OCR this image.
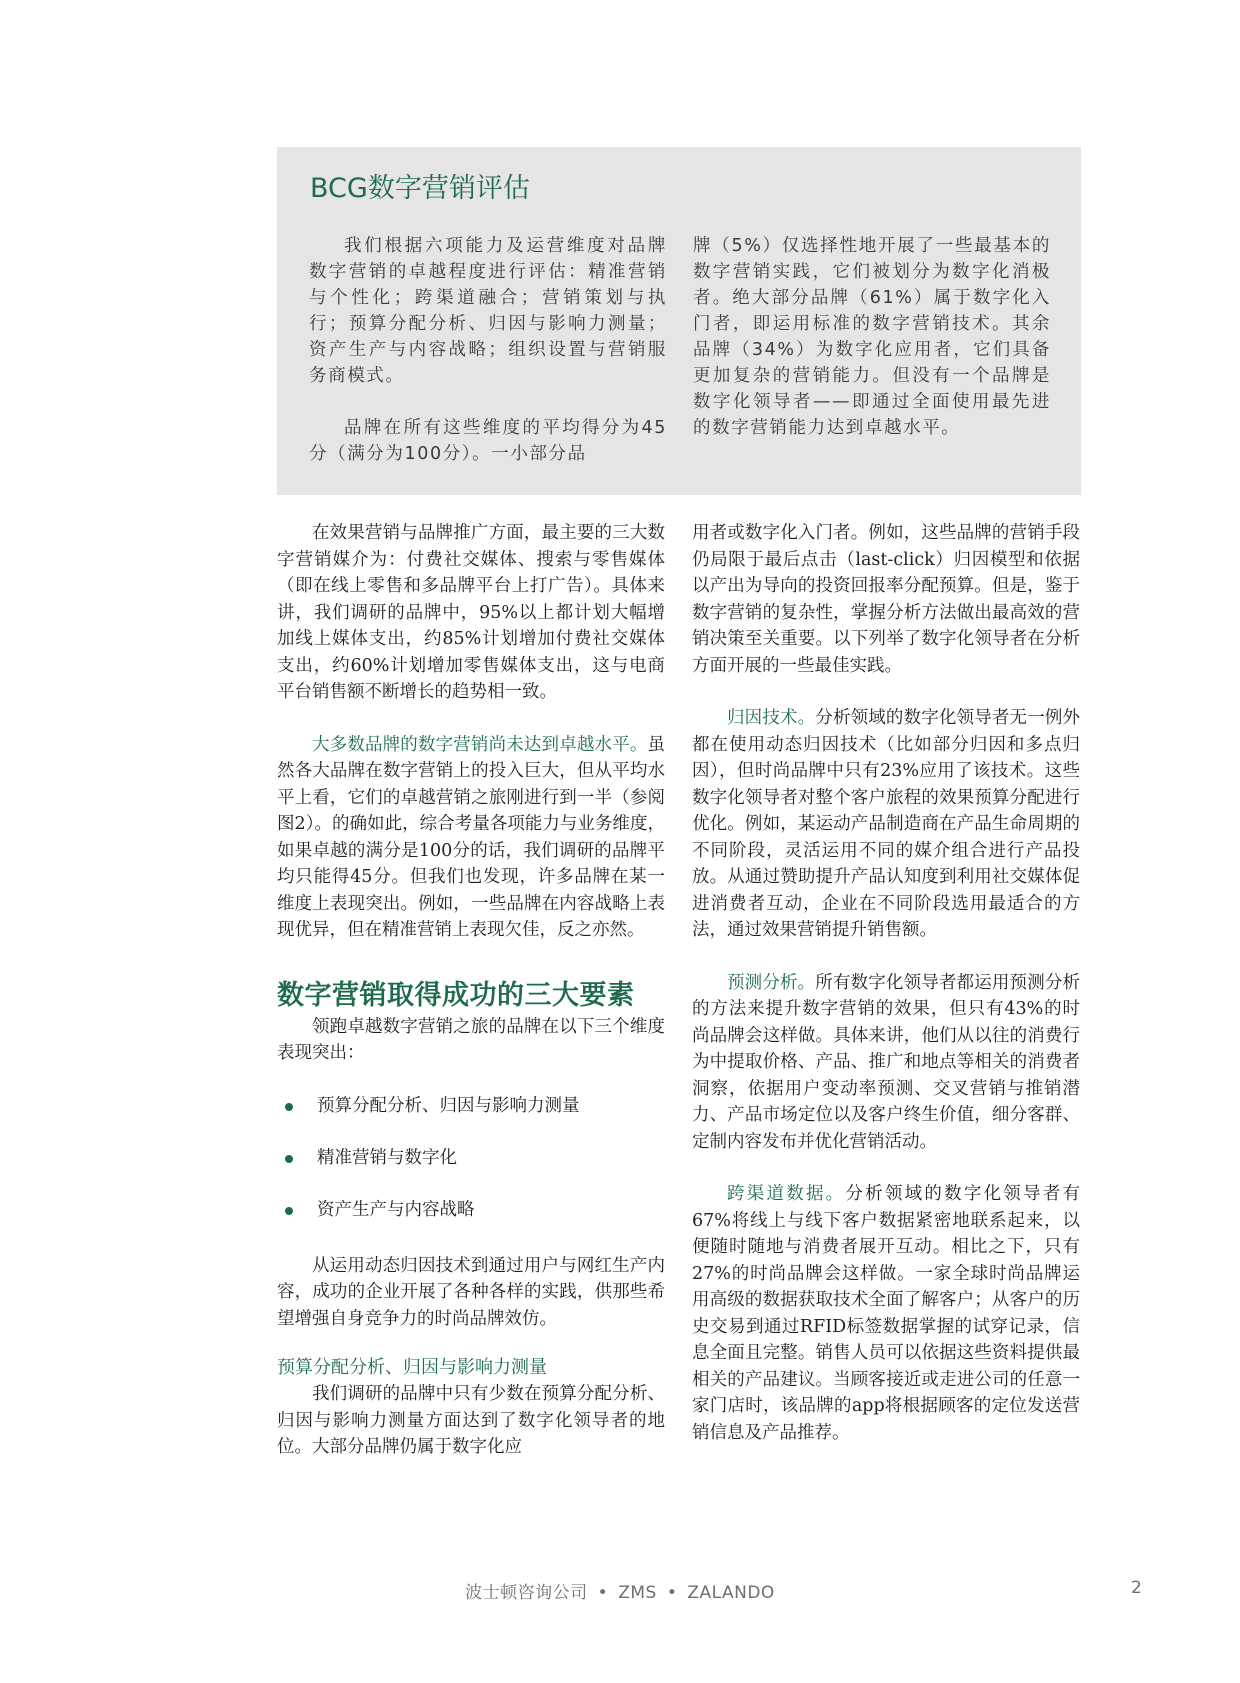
BCG数字营销评估

我们根据六项能力及运营维度对品牌数字营销的卓越程度进行评估：精准营销与个性化；跨渠道融合；营销策划与执行；预算分配分析、归因与影响力测量；资产生产与内容战略；组织设置与营销服务商模式。

品牌在所有这些维度的平均得分为45分（满分为100分）。一小部分品

牌（5%）仅选择性地开展了一些最基本的数字营销实践，它们被划分为数字化消极者。绝大部分品牌（61%）属于数字化入门者，即运用标准的数字营销技术。其余品牌（34%）为数字化应用者，它们具备更加复杂的营销能力。但没有一个品牌是数字化领导者——即通过全面使用最先进的数字营销能力达到卓越水平。

在效果营销与品牌推广方面，最主要的三大数字营销媒介为：付费社交媒体、搜索与零售媒体（即在线上零售和多品牌平台上打广告）。具体来讲，我们调研的品牌中，95%以上都计划大幅增加线上媒体支出，约85%计划增加付费社交媒体支出，约60%计划增加零售媒体支出，这与电商平台销售额不断增长的趋势相一致。

大多数品牌的数字营销尚未达到卓越水平。虽然各大品牌在数字营销上的投入巨大，但从平均水平上看，它们的卓越营销之旅刚进行到一半（参阅图2）。的确如此，综合考量各项能力与业务维度，如果卓越的满分是100分的话，我们调研的品牌平均只能得45分。但我们也发现，许多品牌在某一维度上表现突出。例如，一些品牌在内容战略上表现优异，但在精准营销上表现欠佳，反之亦然。

数字营销取得成功的三大要素

领跑卓越数字营销之旅的品牌在以下三个维度表现突出：

预算分配分析、归因与影响力测量
精准营销与数字化
资产生产与内容战略

从运用动态归因技术到通过用户与网红生产内容，成功的企业开展了各种各样的实践，供那些希望增强自身竞争力的时尚品牌效仿。

预算分配分析、归因与影响力测量

我们调研的品牌中只有少数在预算分配分析、归因与影响力测量方面达到了数字化领导者的地位。大部分品牌仍属于数字化应

用者或数字化入门者。例如，这些品牌的营销手段仍局限于最后点击（last-click）归因模型和依据以产出为导向的投资回报率分配预算。但是，鉴于数字营销的复杂性，掌握分析方法做出最高效的营销决策至关重要。以下列举了数字化领导者在分析方面开展的一些最佳实践。

归因技术。分析领域的数字化领导者无一例外都在使用动态归因技术（比如部分归因和多点归因），但时尚品牌中只有23%应用了该技术。这些数字化领导者对整个客户旅程的效果预算分配进行优化。例如，某运动产品制造商在产品生命周期的不同阶段，灵活运用不同的媒介组合进行产品投放。从通过赞助提升产品认知度到利用社交媒体促进消费者互动，企业在不同阶段选用最适合的方法，通过效果营销提升销售额。

预测分析。所有数字化领导者都运用预测分析的方法来提升数字营销的效果，但只有43%的时尚品牌会这样做。具体来讲，他们从以往的消费行为中提取价格、产品、推广和地点等相关的消费者洞察，依据用户变动率预测、交叉营销与推销潜力、产品市场定位以及客户终生价值，细分客群、定制内容发布并优化营销活动。

跨渠道数据。分析领域的数字化领导者有67%将线上与线下客户数据紧密地联系起来，以便随时随地与消费者展开互动。相比之下，只有27%的时尚品牌会这样做。一家全球时尚品牌运用高级的数据获取技术全面了解客户；从客户的历史交易到通过RFID标签数据掌握的试穿记录，信息全面且完整。销售人员可以依据这些资料提供最相关的产品建议。当顾客接近或走进公司的任意一家门店时，该品牌的app将根据顾客的定位发送营销信息及产品推荐。

波士顿咨询公司 • ZMS • ZALANDO	2
